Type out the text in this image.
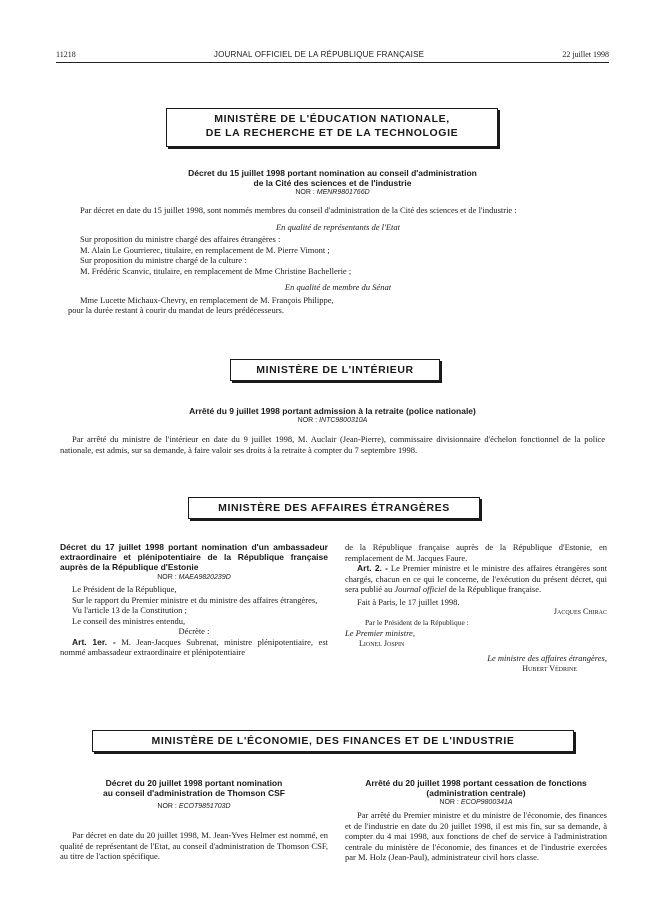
11218	JOURNAL OFFICIEL DE LA RÉPUBLIQUE FRANÇAISE	22 juillet 1998
MINISTÈRE DE L'ÉDUCATION NATIONALE,
DE LA RECHERCHE ET DE LA TECHNOLOGIE
Décret du 15 juillet 1998 portant nomination au conseil d'administration
de la Cité des sciences et de l'industrie
NOR : MENR9801766D

Par décret en date du 15 juillet 1998, sont nommés membres du conseil d'administration de la Cité des sciences et de l'industrie :

En qualité de représentants de l'Etat

Sur proposition du ministre chargé des affaires étrangères :

M. Alain Le Gourrierec, titulaire, en remplacement de M. Pierre Vimont ;

Sur proposition du ministre chargé de la culture :

M. Frédéric Scanvic, titulaire, en remplacement de Mme Christine Bachellerie ;

En qualité de membre du Sénat

Mme Lucette Michaux-Chevry, en remplacement de M. François Philippe,

pour la durée restant à courir du mandat de leurs prédécesseurs.

MINISTÈRE DE L'INTÉRIEUR
Arrêté du 9 juillet 1998 portant admission à la retraite (police nationale)
NOR : INTC9800310A

Par arrêté du ministre de l'intérieur en date du 9 juillet 1998, M. Auclair (Jean-Pierre), commissaire divisionnaire d'échelon fonctionnel de la police nationale, est admis, sur sa demande, à faire valoir ses droits à la retraite à compter du 7 septembre 1998.

MINISTÈRE DES AFFAIRES ÉTRANGÈRES
Décret du 17 juillet 1998 portant nomination d'un ambassadeur extraordinaire et plénipotentiaire de la République française auprès de la République d'Estonie
NOR : MAEA9820239D

Le Président de la République,

Sur le rapport du Premier ministre et du ministre des affaires étrangères,

Vu l'article 13 de la Constitution ;

Le conseil des ministres entendu,

Décrète :

Art. 1er. - M. Jean-Jacques Subrenat, ministre plénipotentiaire, est nommé ambassadeur extraordinaire et plénipotentiaire

de la République française auprès de la République d'Estonie, en remplacement de M. Jacques Faure.

Art. 2. - Le Premier ministre et le ministre des affaires étrangères sont chargés, chacun en ce qui le concerne, de l'exécution du présent décret, qui sera publié au Journal officiel de la République française.

Fait à Paris, le 17 juillet 1998.

Jacques Chirac

Par le Président de la République :

Le Premier ministre,

Lionel Jospin

Le ministre des affaires étrangères,

Hubert Védrine

MINISTÈRE DE L'ÉCONOMIE, DES FINANCES ET DE L'INDUSTRIE
Décret du 20 juillet 1998 portant nomination
au conseil d'administration de Thomson CSF
NOR : ECOT9851703D

Par décret en date du 20 juillet 1998, M. Jean-Yves Helmer est nommé, en qualité de représentant de l'Etat, au conseil d'administration de Thomson CSF, au titre de l'action spécifique.

Arrêté du 20 juillet 1998 portant cessation de fonctions
(administration centrale)
NOR : ECOP9800341A

Par arrêté du Premier ministre et du ministre de l'économie, des finances et de l'industrie en date du 20 juillet 1998, il est mis fin, sur sa demande, à compter du 4 mai 1998, aux fonctions de chef de service à l'administration centrale du ministère de l'économie, des finances et de l'industrie exercées par M. Holz (Jean-Paul), administrateur civil hors classe.
